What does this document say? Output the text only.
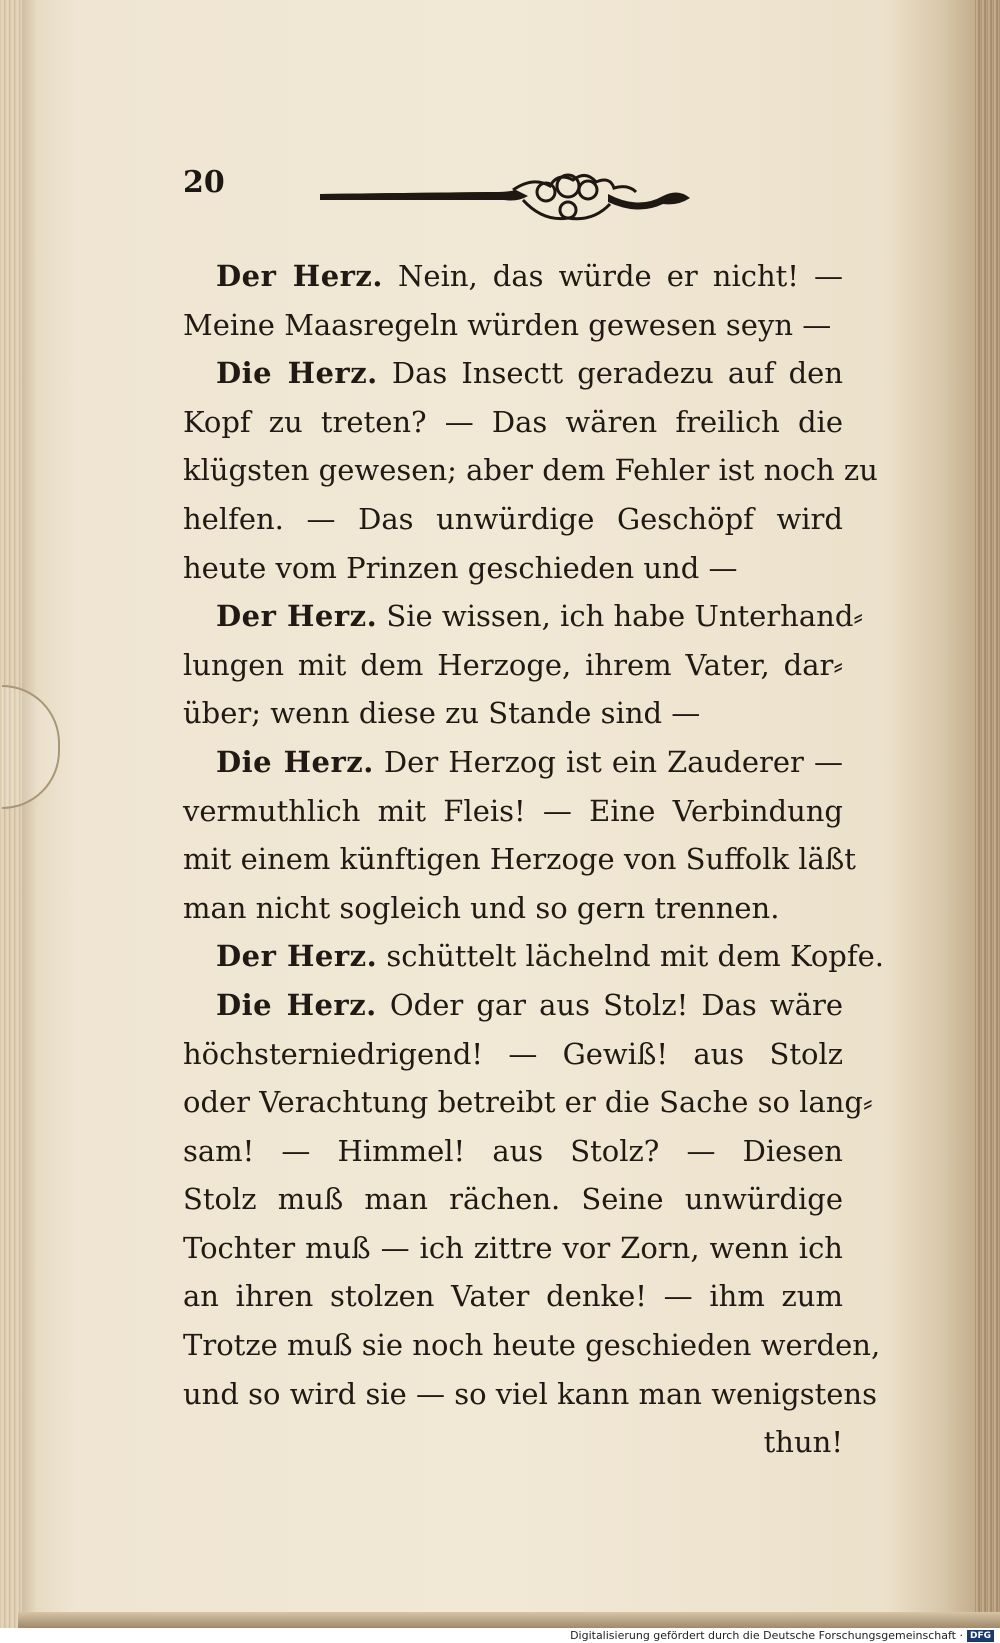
20
Der Herz. Nein, das würde er nicht! —
Meine Maasregeln würden gewesen seyn —
Die Herz. Das Insectt geradezu auf den
Kopf zu treten? — Das wären freilich die
klügsten gewesen; aber dem Fehler ist noch zu
helfen. — Das unwürdige Geschöpf wird
heute vom Prinzen geschieden und —
Der Herz. Sie wissen, ich habe Unterhand⸗
lungen mit dem Herzoge, ihrem Vater, dar⸗
über; wenn diese zu Stande sind —
Die Herz. Der Herzog ist ein Zauderer —
vermuthlich mit Fleis! — Eine Verbindung
mit einem künftigen Herzoge von Suffolk läßt
man nicht sogleich und so gern trennen.
Der Herz. schüttelt lächelnd mit dem Kopfe.
Die Herz. Oder gar aus Stolz! Das wäre
höchsterniedrigend! — Gewiß! aus Stolz
oder Verachtung betreibt er die Sache so lang⸗
sam! — Himmel! aus Stolz? — Diesen
Stolz muß man rächen. Seine unwürdige
Tochter muß — ich zittre vor Zorn, wenn ich
an ihren stolzen Vater denke! — ihm zum
Trotze muß sie noch heute geschieden werden,
und so wird sie — so viel kann man wenigstens
thun!
Digitalisierung gefördert durch die Deutsche Forschungsgemeinschaft · DFG
